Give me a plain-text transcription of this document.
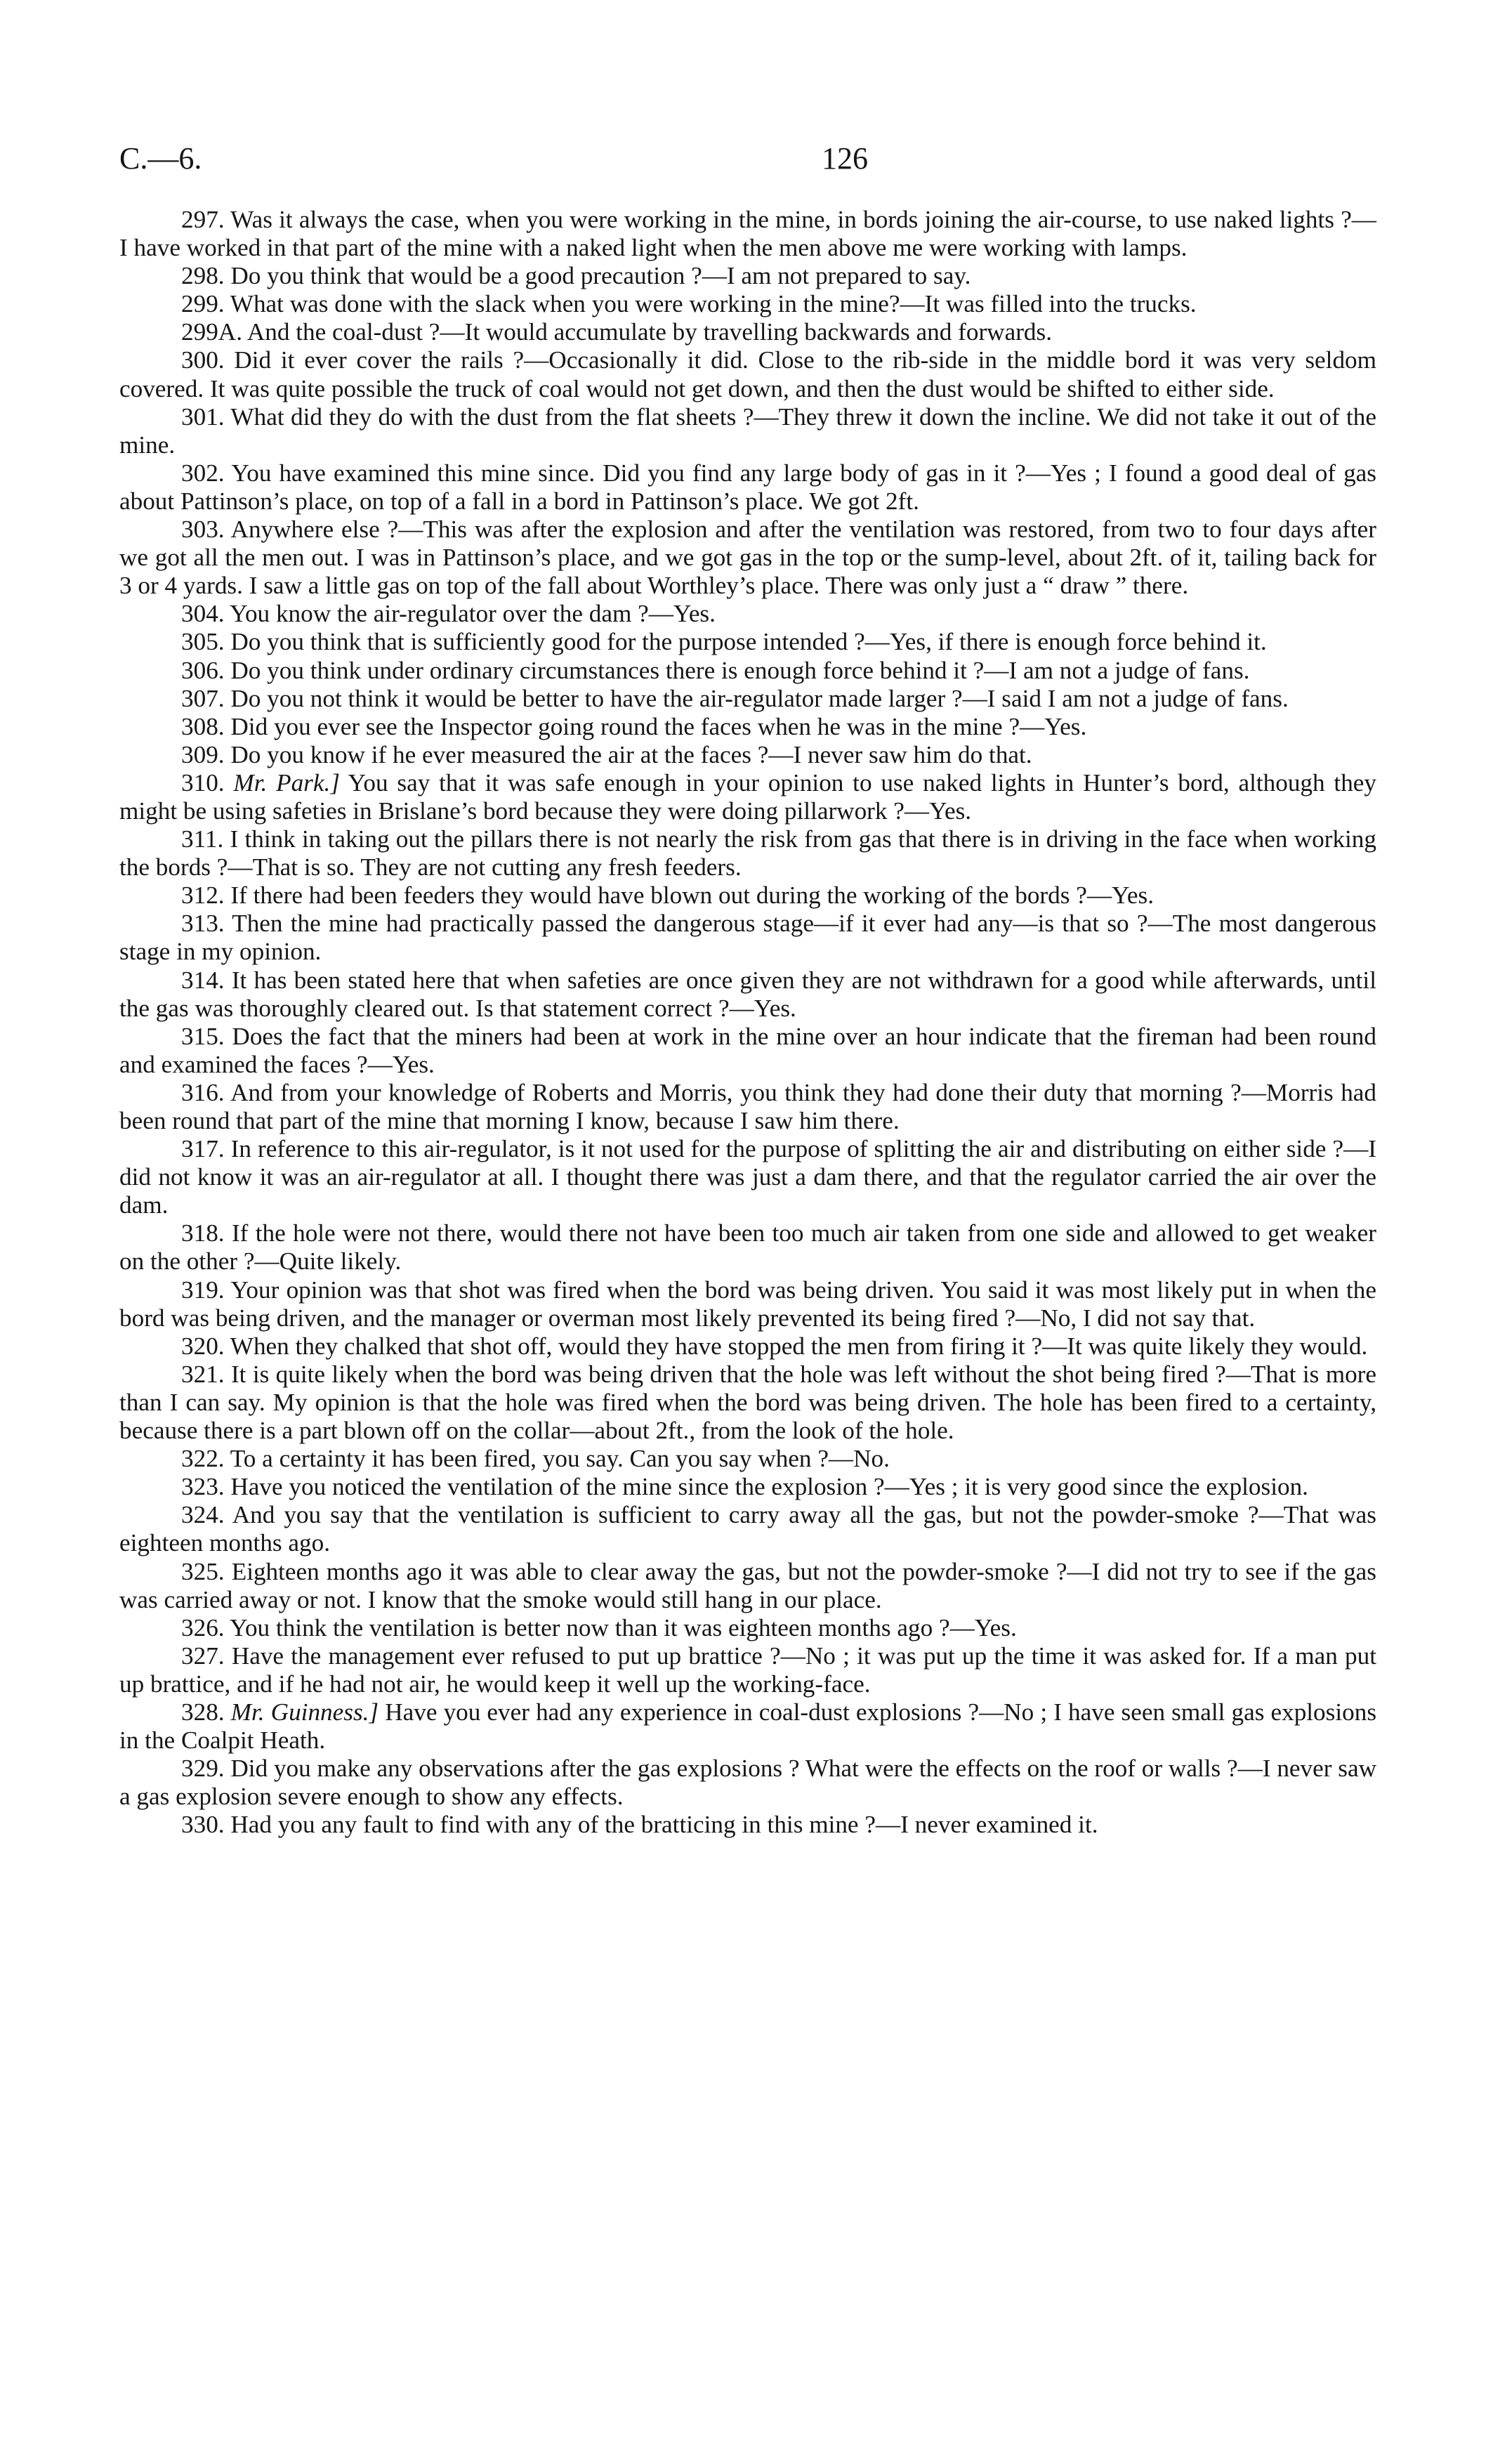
C.—6.	126

297. Was it always the case, when you were working in the mine, in bords joining the air-course, to use naked lights ?—I have worked in that part of the mine with a naked light when the men above me were working with lamps.

298. Do you think that would be a good precaution ?—I am not prepared to say.

299. What was done with the slack when you were working in the mine?—It was filled into the trucks.

299A. And the coal-dust ?—It would accumulate by travelling backwards and forwards.

300. Did it ever cover the rails ?—Occasionally it did. Close to the rib-side in the middle bord it was very seldom covered. It was quite possible the truck of coal would not get down, and then the dust would be shifted to either side.

301. What did they do with the dust from the flat sheets ?—They threw it down the incline. We did not take it out of the mine.

302. You have examined this mine since. Did you find any large body of gas in it ?—Yes ; I found a good deal of gas about Pattinson’s place, on top of a fall in a bord in Pattinson’s place. We got 2ft.

303. Anywhere else ?—This was after the explosion and after the ventilation was restored, from two to four days after we got all the men out. I was in Pattinson’s place, and we got gas in the top or the sump-level, about 2ft. of it, tailing back for 3 or 4 yards. I saw a little gas on top of the fall about Worthley’s place. There was only just a “ draw ” there.

304. You know the air-regulator over the dam ?—Yes.

305. Do you think that is sufficiently good for the purpose intended ?—Yes, if there is enough force behind it.

306. Do you think under ordinary circumstances there is enough force behind it ?—I am not a judge of fans.

307. Do you not think it would be better to have the air-regulator made larger ?—I said I am not a judge of fans.

308. Did you ever see the Inspector going round the faces when he was in the mine ?—Yes.

309. Do you know if he ever measured the air at the faces ?—I never saw him do that.

310. Mr. Park.] You say that it was safe enough in your opinion to use naked lights in Hunter’s bord, although they might be using safeties in Brislane’s bord because they were doing pillarwork ?—Yes.

311. I think in taking out the pillars there is not nearly the risk from gas that there is in driving in the face when working the bords ?—That is so. They are not cutting any fresh feeders.

312. If there had been feeders they would have blown out during the working of the bords ?—Yes.

313. Then the mine had practically passed the dangerous stage—if it ever had any—is that so ?—The most dangerous stage in my opinion.

314. It has been stated here that when safeties are once given they are not withdrawn for a good while afterwards, until the gas was thoroughly cleared out. Is that statement correct ?—Yes.

315. Does the fact that the miners had been at work in the mine over an hour indicate that the fireman had been round and examined the faces ?—Yes.

316. And from your knowledge of Roberts and Morris, you think they had done their duty that morning ?—Morris had been round that part of the mine that morning I know, because I saw him there.

317. In reference to this air-regulator, is it not used for the purpose of splitting the air and distributing on either side ?—I did not know it was an air-regulator at all. I thought there was just a dam there, and that the regulator carried the air over the dam.

318. If the hole were not there, would there not have been too much air taken from one side and allowed to get weaker on the other ?—Quite likely.

319. Your opinion was that shot was fired when the bord was being driven. You said it was most likely put in when the bord was being driven, and the manager or overman most likely prevented its being fired ?—No, I did not say that.

320. When they chalked that shot off, would they have stopped the men from firing it ?—It was quite likely they would.

321. It is quite likely when the bord was being driven that the hole was left without the shot being fired ?—That is more than I can say. My opinion is that the hole was fired when the bord was being driven. The hole has been fired to a certainty, because there is a part blown off on the collar—about 2ft., from the look of the hole.

322. To a certainty it has been fired, you say. Can you say when ?—No.

323. Have you noticed the ventilation of the mine since the explosion ?—Yes ; it is very good since the explosion.

324. And you say that the ventilation is sufficient to carry away all the gas, but not the powder-smoke ?—That was eighteen months ago.

325. Eighteen months ago it was able to clear away the gas, but not the powder-smoke ?—I did not try to see if the gas was carried away or not. I know that the smoke would still hang in our place.

326. You think the ventilation is better now than it was eighteen months ago ?—Yes.

327. Have the management ever refused to put up brattice ?—No ; it was put up the time it was asked for. If a man put up brattice, and if he had not air, he would keep it well up the working-face.

328. Mr. Guinness.] Have you ever had any experience in coal-dust explosions ?—No ; I have seen small gas explosions in the Coalpit Heath.

329. Did you make any observations after the gas explosions ? What were the effects on the roof or walls ?—I never saw a gas explosion severe enough to show any effects.

330. Had you any fault to find with any of the bratticing in this mine ?—I never examined it.
